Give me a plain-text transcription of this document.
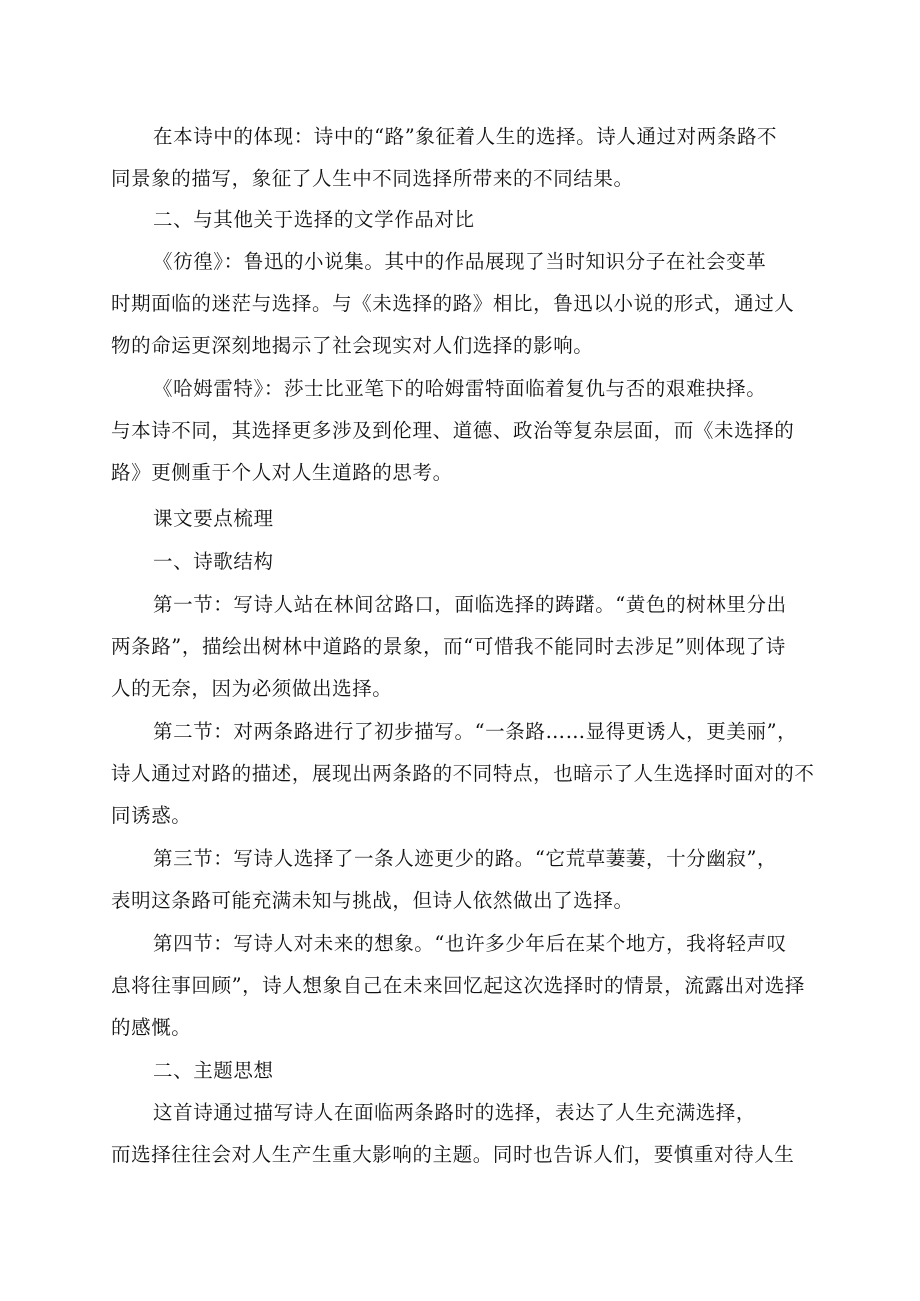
在本诗中的体现：诗中的“路”象征着人生的选择。诗人通过对两条路不
同景象的描写，象征了人生中不同选择所带来的不同结果。
二、与其他关于选择的文学作品对比
《彷徨》：鲁迅的小说集。其中的作品展现了当时知识分子在社会变革
时期面临的迷茫与选择。与《未选择的路》相比，鲁迅以小说的形式，通过人
物的命运更深刻地揭示了社会现实对人们选择的影响。
《哈姆雷特》：莎士比亚笔下的哈姆雷特面临着复仇与否的艰难抉择。
与本诗不同，其选择更多涉及到伦理、道德、政治等复杂层面，而《未选择的
路》更侧重于个人对人生道路的思考。
课文要点梳理
一、诗歌结构
第一节：写诗人站在林间岔路口，面临选择的踌躇。“黄色的树林里分出
两条路”，描绘出树林中道路的景象，而“可惜我不能同时去涉足”则体现了诗
人的无奈，因为必须做出选择。
第二节：对两条路进行了初步描写。“一条路……显得更诱人，更美丽”，
诗人通过对路的描述，展现出两条路的不同特点，也暗示了人生选择时面对的不
同诱惑。
第三节：写诗人选择了一条人迹更少的路。“它荒草萋萋，十分幽寂”，
表明这条路可能充满未知与挑战，但诗人依然做出了选择。
第四节：写诗人对未来的想象。“也许多少年后在某个地方，我将轻声叹
息将往事回顾”，诗人想象自己在未来回忆起这次选择时的情景，流露出对选择
的感慨。
二、主题思想
这首诗通过描写诗人在面临两条路时的选择，表达了人生充满选择，
而选择往往会对人生产生重大影响的主题。同时也告诉人们，要慎重对待人生
